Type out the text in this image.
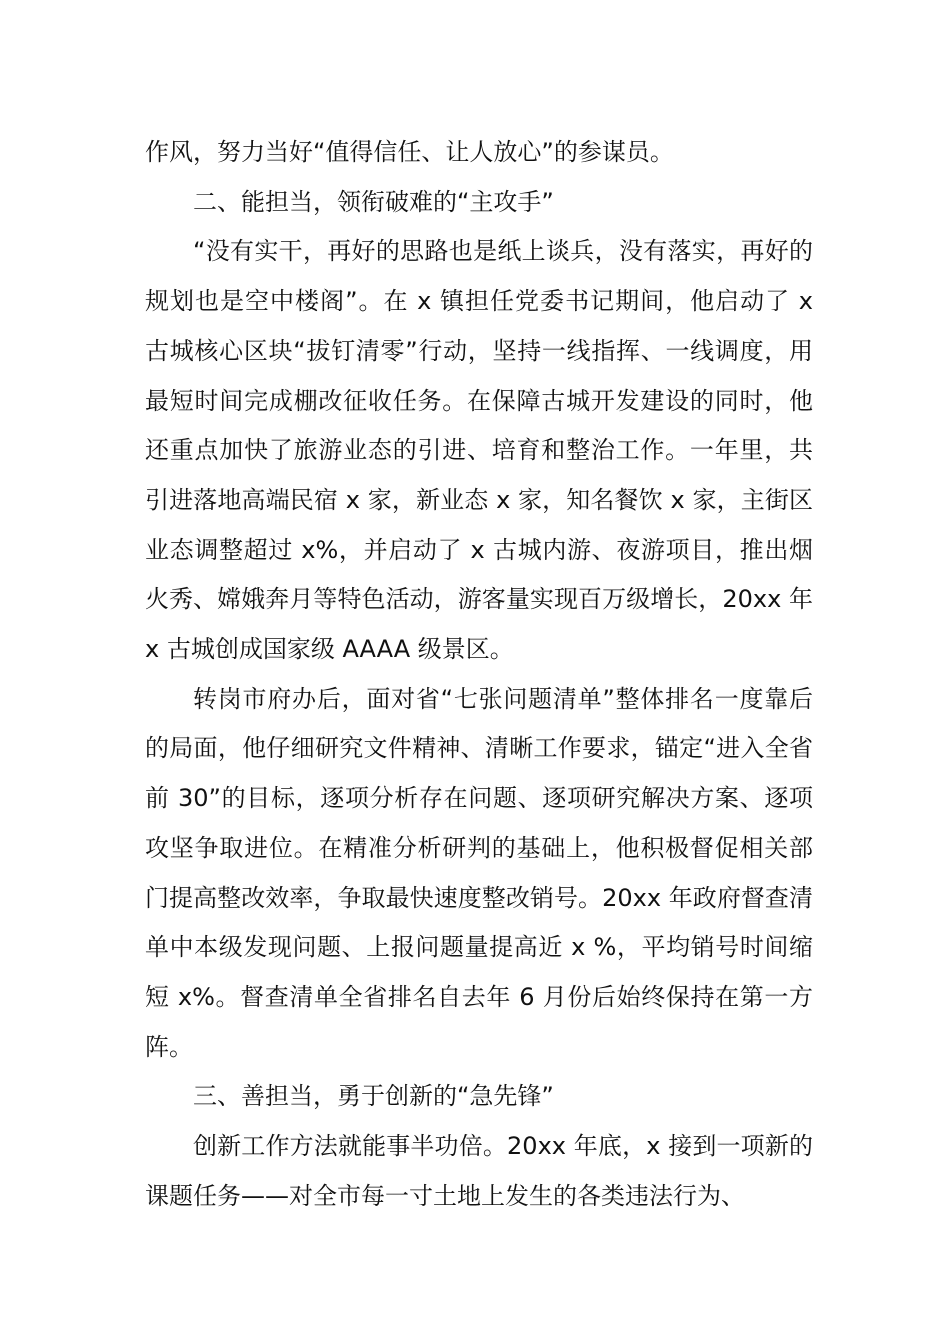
作风，努力当好“值得信任、让人放心”的参谋员。

二、能担当，领衔破难的“主攻手”

“没有实干，再好的思路也是纸上谈兵，没有落实，再好的规划也是空中楼阁”。在 x 镇担任党委书记期间，他启动了 x 古城核心区块“拔钉清零”行动，坚持一线指挥、一线调度，用最短时间完成棚改征收任务。在保障古城开发建设的同时，他还重点加快了旅游业态的引进、培育和整治工作。一年里，共引进落地高端民宿 x 家，新业态 x 家，知名餐饮 x 家，主街区业态调整超过 x%，并启动了 x 古城内游、夜游项目，推出烟火秀、嫦娥奔月等特色活动，游客量实现百万级增长，20xx 年 x 古城创成国家级 AAAA 级景区。

转岗市府办后，面对省“七张问题清单”整体排名一度靠后的局面，他仔细研究文件精神、清晰工作要求，锚定“进入全省前 30”的目标，逐项分析存在问题、逐项研究解决方案、逐项攻坚争取进位。在精准分析研判的基础上，他积极督促相关部门提高整改效率，争取最快速度整改销号。20xx 年政府督查清单中本级发现问题、上报问题量提高近 x %，平均销号时间缩短 x%。督查清单全省排名自去年 6 月份后始终保持在第一方阵。

三、善担当，勇于创新的“急先锋”

创新工作方法就能事半功倍。20xx 年底，x 接到一项新的课题任务——对全市每一寸土地上发生的各类违法行为、
